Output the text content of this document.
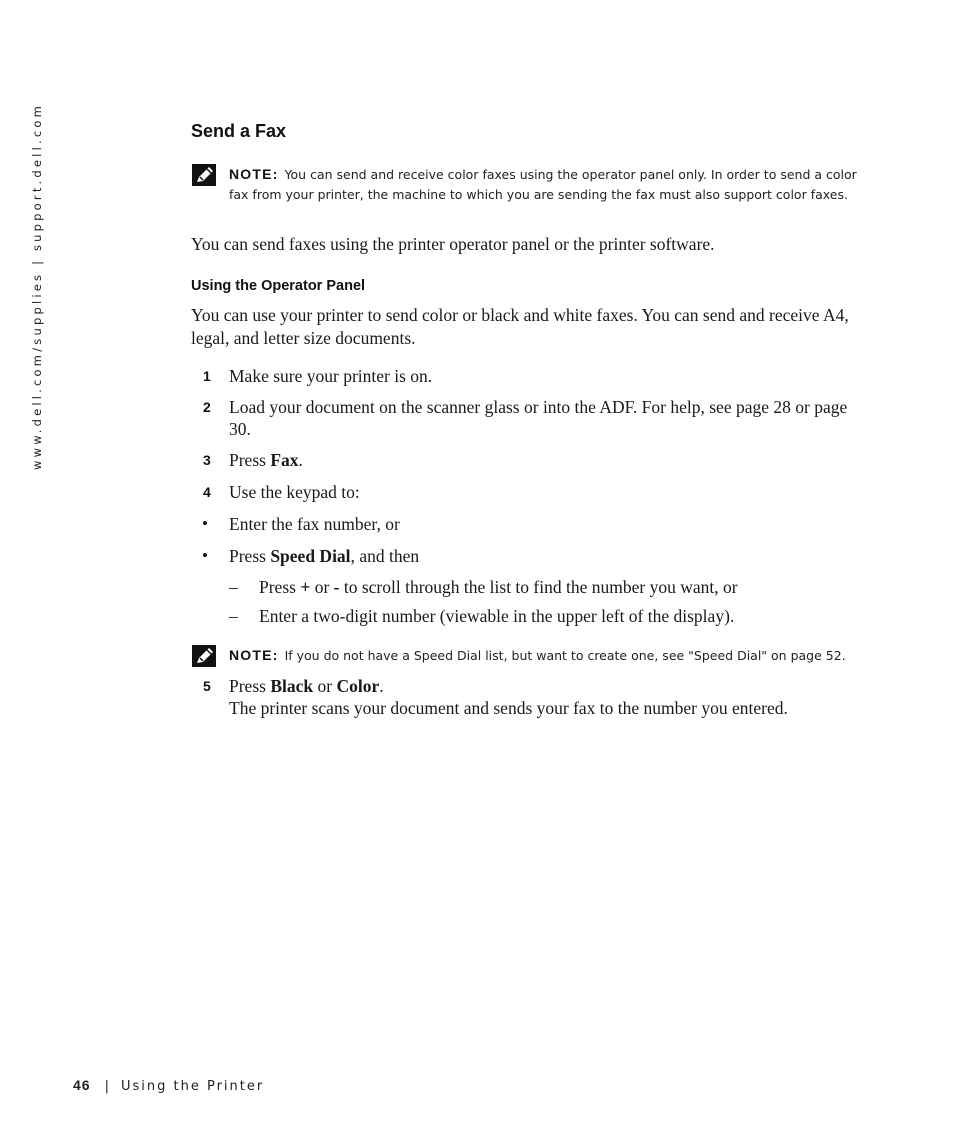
www.dell.com/supplies | support.dell.com	Send a Fax
NOTE: You can send and receive color faxes using the operator panel only. In order to send a color fax from your printer, the machine to which you are sending the fax must also support color faxes.

You can send faxes using the printer operator panel or the printer software.

Using the Operator Panel

You can use your printer to send color or black and white faxes. You can send and receive A4, legal, and letter size documents.

1 Make sure your printer is on.
2 Load your document on the scanner glass or into the ADF. For help, see page 28 or page 30.
3 Press Fax.
4 Use the keypad to:
• Enter the fax number, or
• Press Speed Dial, and then
– Press + or - to scroll through the list to find the number you want, or
– Enter a two-digit number (viewable in the upper left of the display).
NOTE: If you do not have a Speed Dial list, but want to create one, see "Speed Dial" on page 52.
5 Press Black or Color.
The printer scans your document and sends your fax to the number you entered.
46 | Using the Printer
